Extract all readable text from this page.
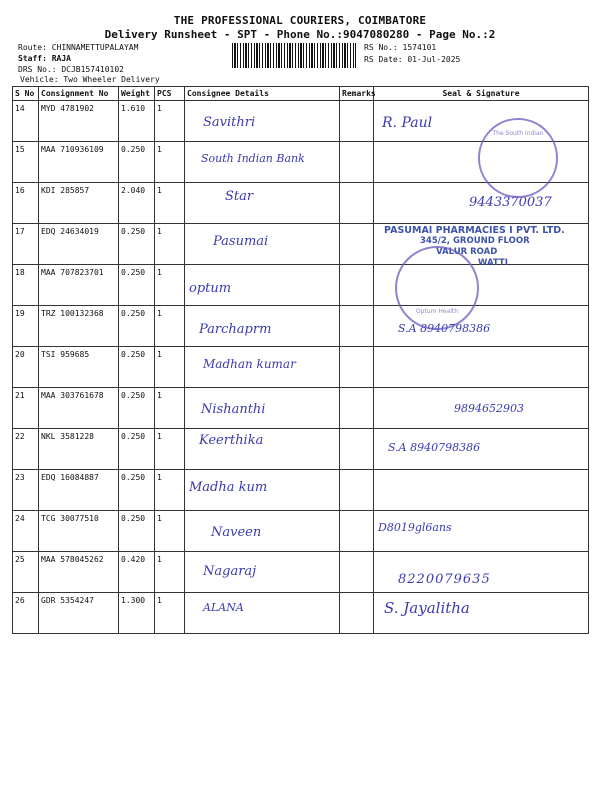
THE PROFESSIONAL COURIERS, COIMBATORE
Delivery Runsheet - SPT - Phone No.:9047080280 - Page No.:2
Route: CHINNAMETTUPALAYAM
Staff: RAJA
DRS No.: DCJB157410102
RS No.: 1574101
RS Date: 01-Jul-2025
Vehicle: Two Wheeler Delivery
S No	Consignment No	Weight	PCS	Consignee Details	Remarks	Seal & Signature
14	MYD 4781902	1.610	1	Savithri		R. Paul

15	MAA 710936109	0.250	1	South Indian Bank		

16	KDI 285857	2.040	1	Star		9443370037

17	EDQ 24634019	0.250	1	Pasumai		

18	MAA 707823701	0.250	1	optum		

19	TRZ 100132368	0.250	1	Parchaprm		S.A 8940798386

20	TSI 959685	0.250	1	Madhan kumar		

21	MAA 303761678	0.250	1	Nishanthi		9894652903

22	NKL 3581228	0.250	1	Keerthika		S.A 8940798386

23	EDQ 16084887	0.250	1	Madha kum		

24	TCG 30077510	0.250	1	Naveen		D8019gl6ans

25	MAA 578045262	0.420	1	Nagaraj		8220079635

26	GDR 5354247	1.300	1	ALANA		S. Jayalitha
The South Indian
PASUMAI PHARMACIES I PVT. LTD.
345/2, GROUND FLOOR
VALUR ROAD
WATTI
Optum Health
